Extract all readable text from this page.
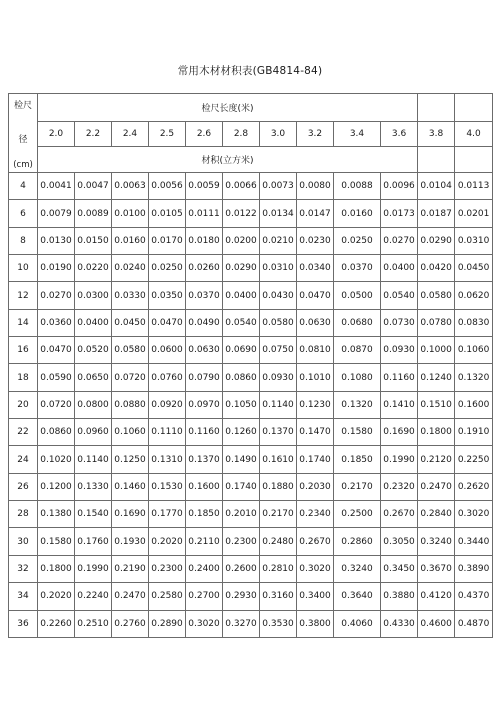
常用木材材积表(GB4814-84)
检尺
径
(cm)	检尺长度(米)											
	2.0	2.2	2.4	2.5	2.6	2.8	3.0	3.2	3.4	3.6	3.8	4.0
	材积(立方米)											
4	0.0041	0.0047	0.0063	0.0056	0.0059	0.0066	0.0073	0.0080	0.0088	0.0096	0.0104	0.0113
6	0.0079	0.0089	0.0100	0.0105	0.0111	0.0122	0.0134	0.0147	0.0160	0.0173	0.0187	0.0201
8	0.0130	0.0150	0.0160	0.0170	0.0180	0.0200	0.0210	0.0230	0.0250	0.0270	0.0290	0.0310
10	0.0190	0.0220	0.0240	0.0250	0.0260	0.0290	0.0310	0.0340	0.0370	0.0400	0.0420	0.0450
12	0.0270	0.0300	0.0330	0.0350	0.0370	0.0400	0.0430	0.0470	0.0500	0.0540	0.0580	0.0620
14	0.0360	0.0400	0.0450	0.0470	0.0490	0.0540	0.0580	0.0630	0.0680	0.0730	0.0780	0.0830
16	0.0470	0.0520	0.0580	0.0600	0.0630	0.0690	0.0750	0.0810	0.0870	0.0930	0.1000	0.1060
18	0.0590	0.0650	0.0720	0.0760	0.0790	0.0860	0.0930	0.1010	0.1080	0.1160	0.1240	0.1320
20	0.0720	0.0800	0.0880	0.0920	0.0970	0.1050	0.1140	0.1230	0.1320	0.1410	0.1510	0.1600
22	0.0860	0.0960	0.1060	0.1110	0.1160	0.1260	0.1370	0.1470	0.1580	0.1690	0.1800	0.1910
24	0.1020	0.1140	0.1250	0.1310	0.1370	0.1490	0.1610	0.1740	0.1850	0.1990	0.2120	0.2250
26	0.1200	0.1330	0.1460	0.1530	0.1600	0.1740	0.1880	0.2030	0.2170	0.2320	0.2470	0.2620
28	0.1380	0.1540	0.1690	0.1770	0.1850	0.2010	0.2170	0.2340	0.2500	0.2670	0.2840	0.3020
30	0.1580	0.1760	0.1930	0.2020	0.2110	0.2300	0.2480	0.2670	0.2860	0.3050	0.3240	0.3440
32	0.1800	0.1990	0.2190	0.2300	0.2400	0.2600	0.2810	0.3020	0.3240	0.3450	0.3670	0.3890
34	0.2020	0.2240	0.2470	0.2580	0.2700	0.2930	0.3160	0.3400	0.3640	0.3880	0.4120	0.4370
36	0.2260	0.2510	0.2760	0.2890	0.3020	0.3270	0.3530	0.3800	0.4060	0.4330	0.4600	0.4870
